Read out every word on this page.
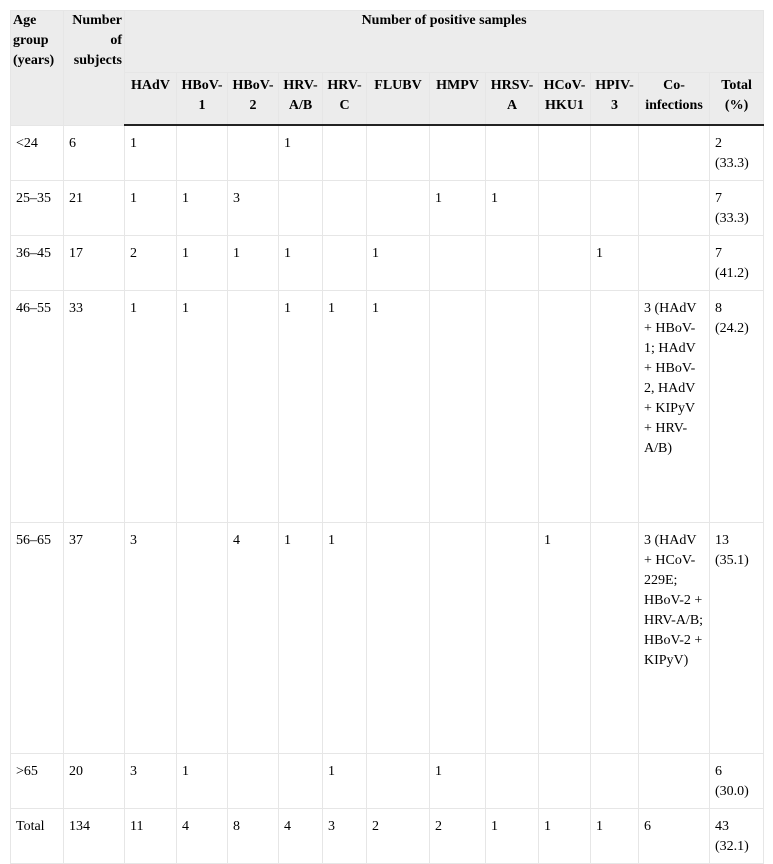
Age group (years)	Number of subjects	Number of positive samples											
		HAdV	HBoV-1	HBoV-2	HRV-A/B	HRV-C	FLUBV	HMPV	HRSV-A	HCoV-HKU1	HPIV-3	Co-infections	Total (%)
<24	6	1			1								2 (33.3)
25–35	21	1	1	3				1	1				7 (33.3)
36–45	17	2	1	1	1		1				1		7 (41.2)
46–55	33	1	1		1	1	1					3 (HAdV + HBoV-1; HAdV + HBoV-2, HAdV + KIPyV + HRV-A/B)	8 (24.2)
56–65	37	3		4	1	1				1		3 (HAdV + HCoV-229E; HBoV-2 + HRV-A/B; HBoV-2 + KIPyV)	13 (35.1)
>65	20	3	1			1		1					6 (30.0)
Total	134	11	4	8	4	3	2	2	1	1	1	6	43 (32.1)
